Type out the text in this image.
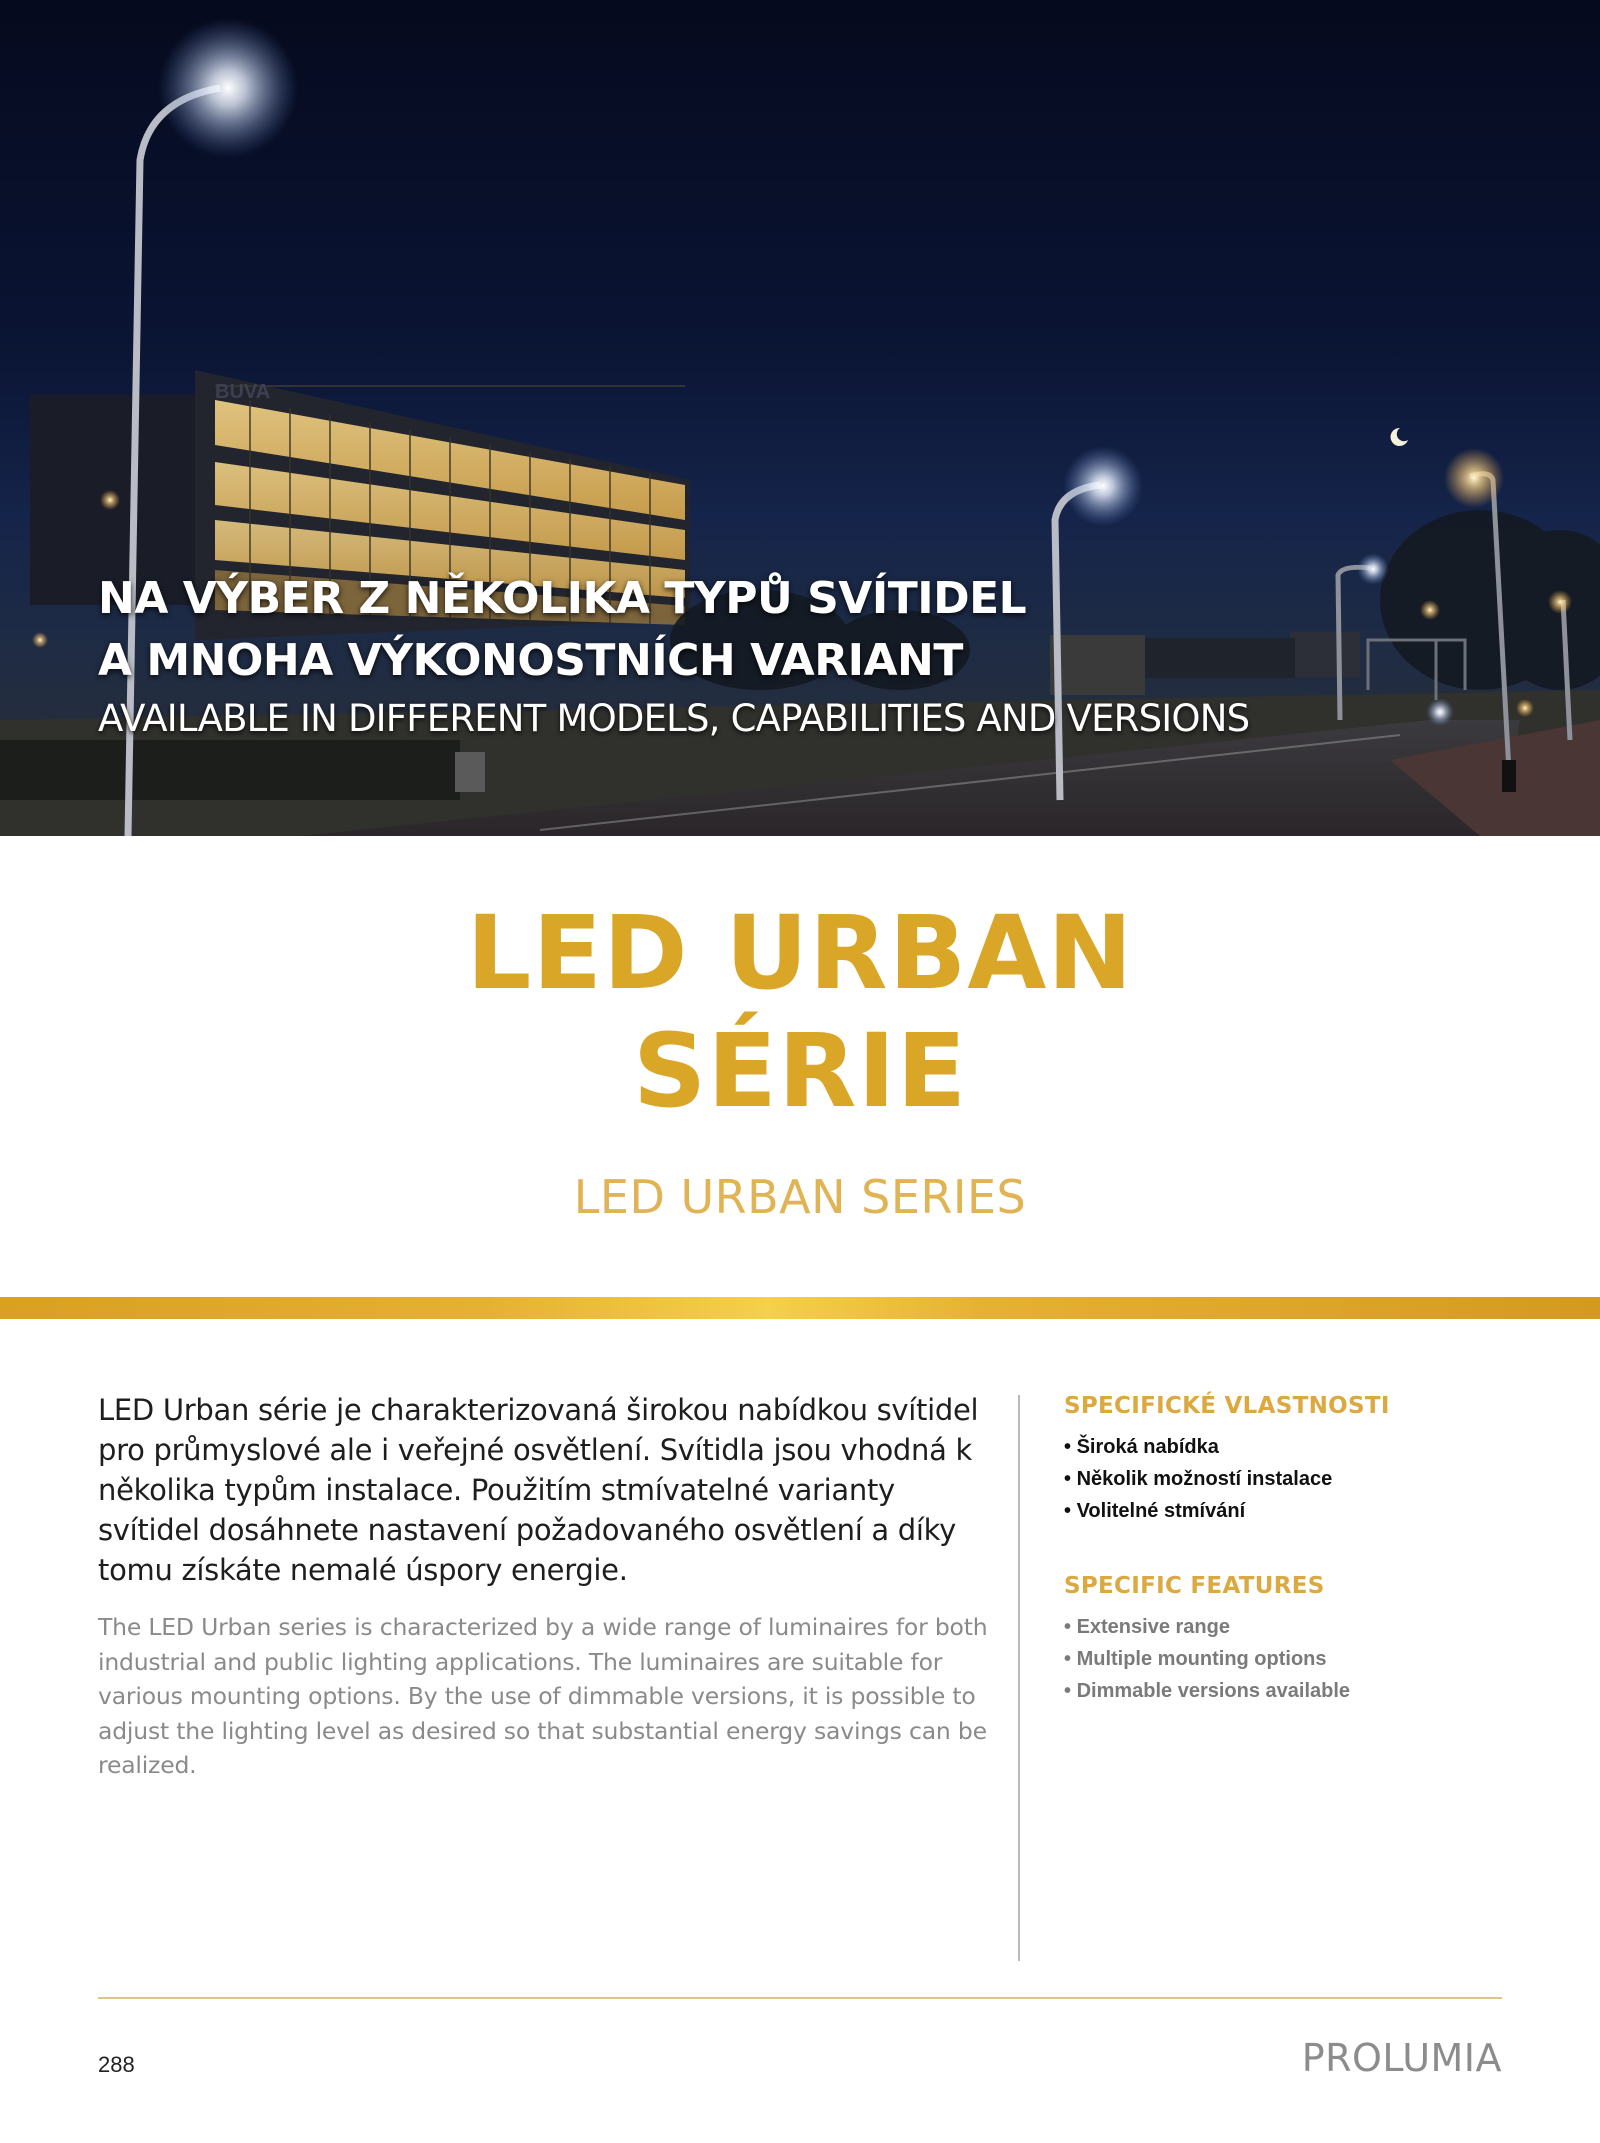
BUVA
NA VÝBER Z NĚKOLIKA TYPŮ SVÍTIDEL
A MNOHA VÝKONOSTNÍCH VARIANT
AVAILABLE IN DIFFERENT MODELS, CAPABILITIES AND VERSIONS
LED URBAN
SÉRIE
LED URBAN SERIES

LED Urban série je charakterizovaná širokou nabídkou svítidel pro průmyslové ale i veřejné osvětlení. Svítidla jsou vhodná k několika typům instalace. Použitím stmívatelné varianty svítidel dosáhnete nastavení požadovaného osvětlení a díky tomu získáte nemalé úspory energie.

The LED Urban series is characterized by a wide range of luminaires for both industrial and public lighting applications. The luminaires are suitable for various mounting options. By the use of dimmable versions, it is possible to adjust the lighting level as desired so that substantial energy savings can be realized.

SPECIFICKÉ VLASTNOSTI
• Široká nabídka
• Několik možností instalace
• Volitelné stmívání
SPECIFIC FEATURES
• Extensive range
• Multiple mounting options
• Dimmable versions available
288	PROLUMIA
